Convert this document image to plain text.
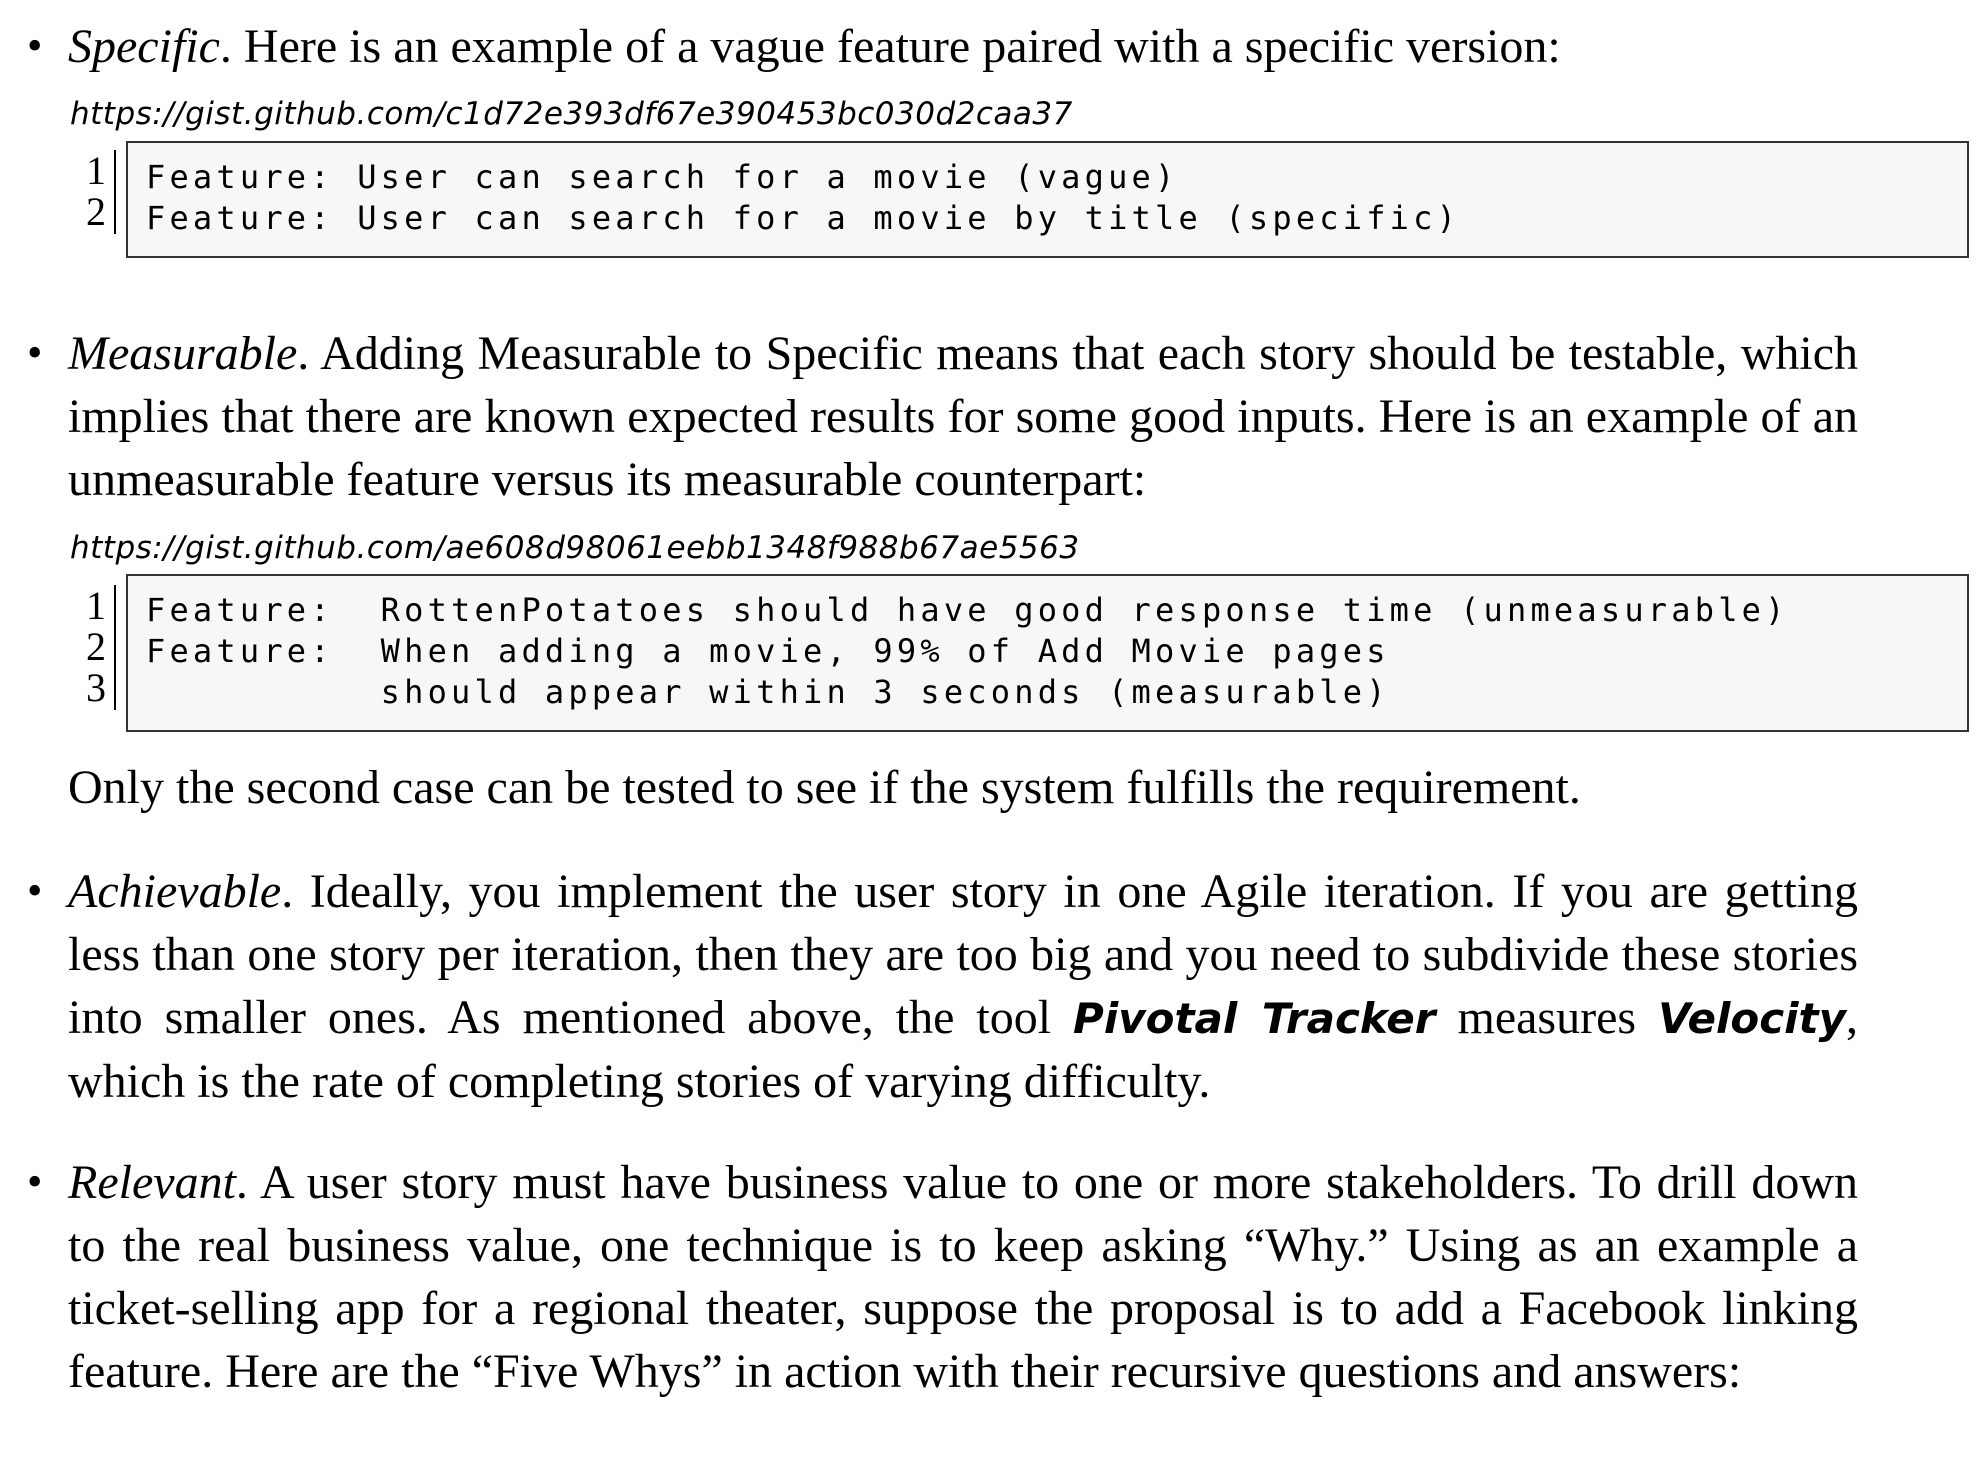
• Specific. Here is an example of a vague feature paired with a specific version:
https://gist.github.com/c1d72e393df67e390453bc030d2caa37
1
2
Feature: User can search for a movie (vague)
Feature: User can search for a movie by title (specific)
• Measurable. Adding Measurable to Specific means that each story should be testable, which implies that there are known expected results for some good inputs. Here is an example of an unmeasurable feature versus its measurable counterpart:
https://gist.github.com/ae608d98061eebb1348f988b67ae5563
1
2
3
Feature:  RottenPotatoes should have good response time (unmeasurable)
Feature:  When adding a movie, 99% of Add Movie pages
should appear within 3 seconds (measurable)
Only the second case can be tested to see if the system fulfills the requirement.
• Achievable. Ideally, you implement the user story in one Agile iteration. If you are getting less than one story per iteration, then they are too big and you need to subdivide these stories into smaller ones. As mentioned above, the tool Pivotal Tracker measures Velocity, which is the rate of completing stories of varying difficulty.
• Relevant. A user story must have business value to one or more stakeholders. To drill down to the real business value, one technique is to keep asking “Why.” Using as an example a ticket-selling app for a regional theater, suppose the proposal is to add a Facebook linking feature. Here are the “Five Whys” in action with their recursive questions and answers:
